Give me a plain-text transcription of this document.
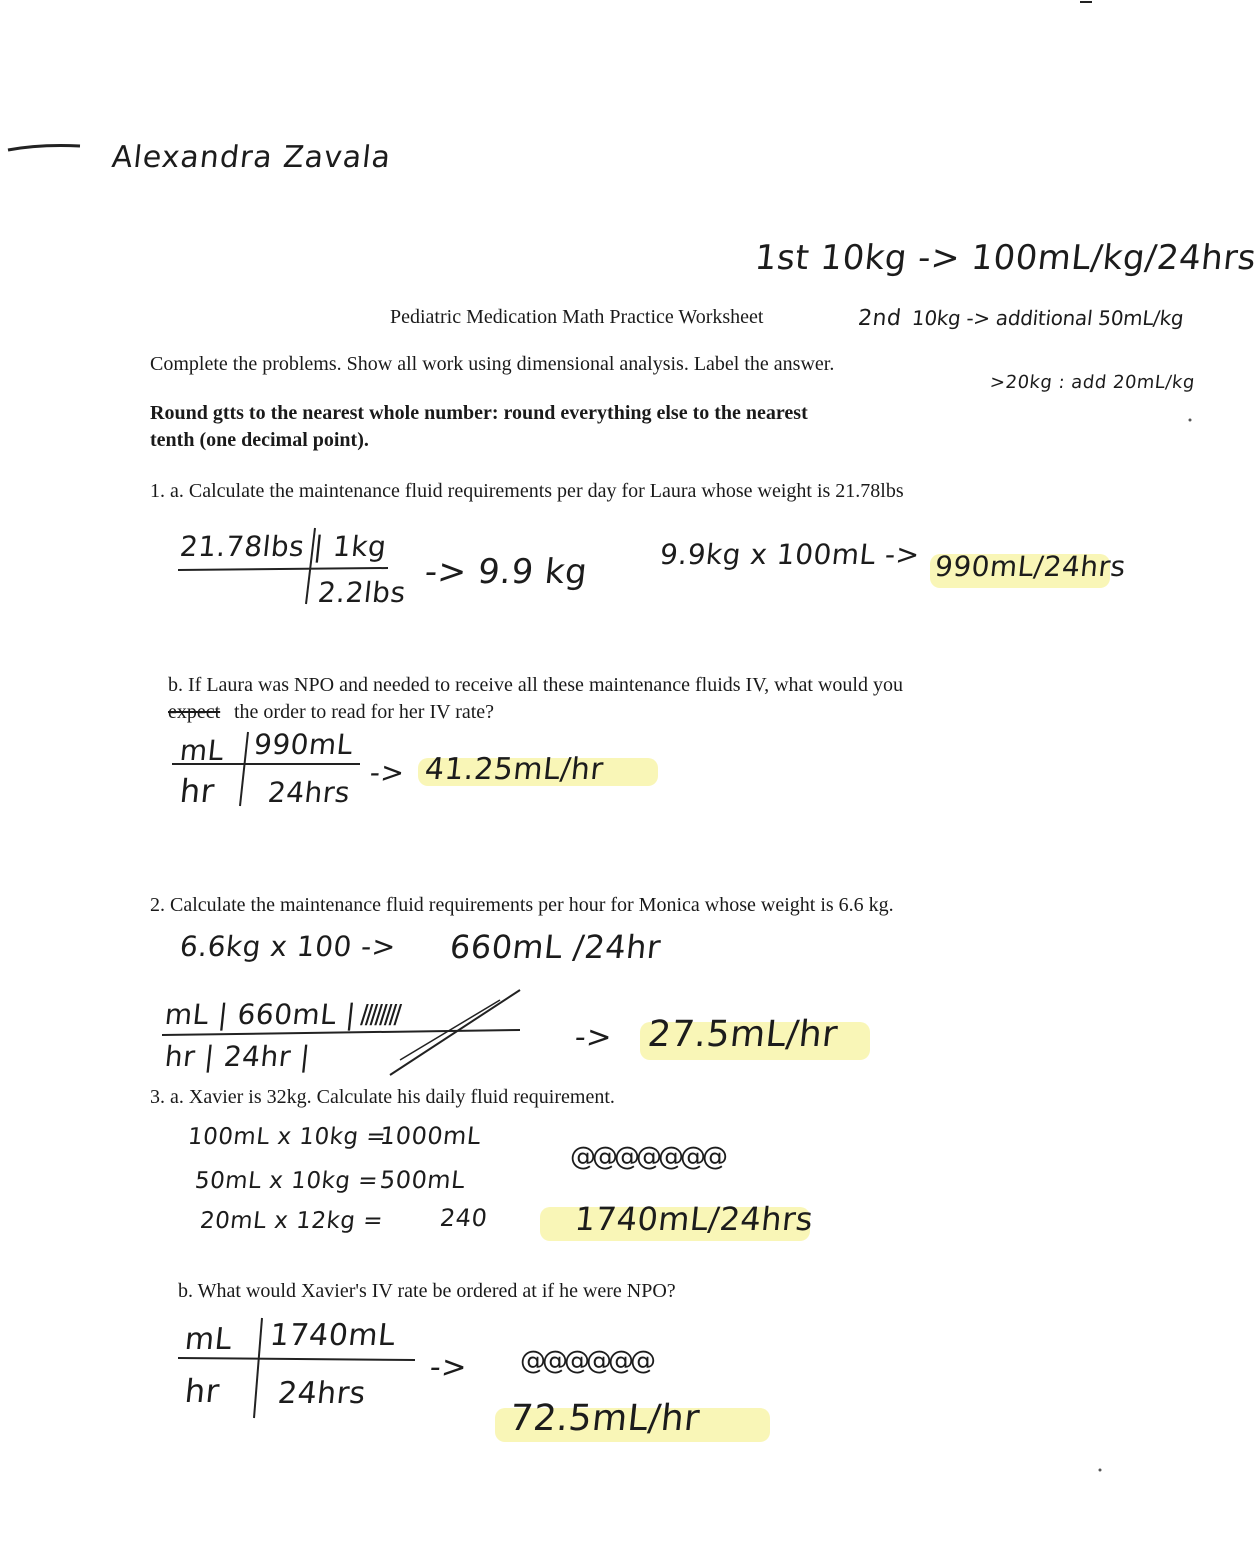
Alexandra Zavala
1st 10kg -> 100mL/kg/24hrs
2nd 10kg -> additional 50mL/kg
>20kg : add 20mL/kg
Pediatric Medication Math Practice Worksheet
Complete the problems. Show all work using dimensional analysis. Label the answer.
Round gtts to the nearest whole number: round everything else to the nearest
tenth (one decimal point).
1. a. Calculate the maintenance fluid requirements per day for Laura whose weight is 21.78lbs
21.78lbs | 1kg
2.2lbs
-> 9.9 kg 9.9kg x 100mL -> 990mL/24hrs
b. If Laura was NPO and needed to receive all these maintenance fluids IV, what would you
expect the order to read for her IV rate?
mL 990mL
hr 24hrs
-> 41.25mL/hr
2. Calculate the maintenance fluid requirements per hour for Monica whose weight is 6.6 kg.
6.6kg x 100 -> 660mL /24hr
mL | 660mL |
hr | 24hr |
////////
-> 27.5mL/hr
3. a. Xavier is 32kg. Calculate his daily fluid requirement.
100mL x 10kg =
1000mL
50mL x 10kg = 500mL
20mL x 12kg = 240
@@@@@@@
1740mL/24hrs
b. What would Xavier's IV rate be ordered at if he were NPO?
mL 1740mL
hr 24hrs
-> @@@@@@
72.5mL/hr
